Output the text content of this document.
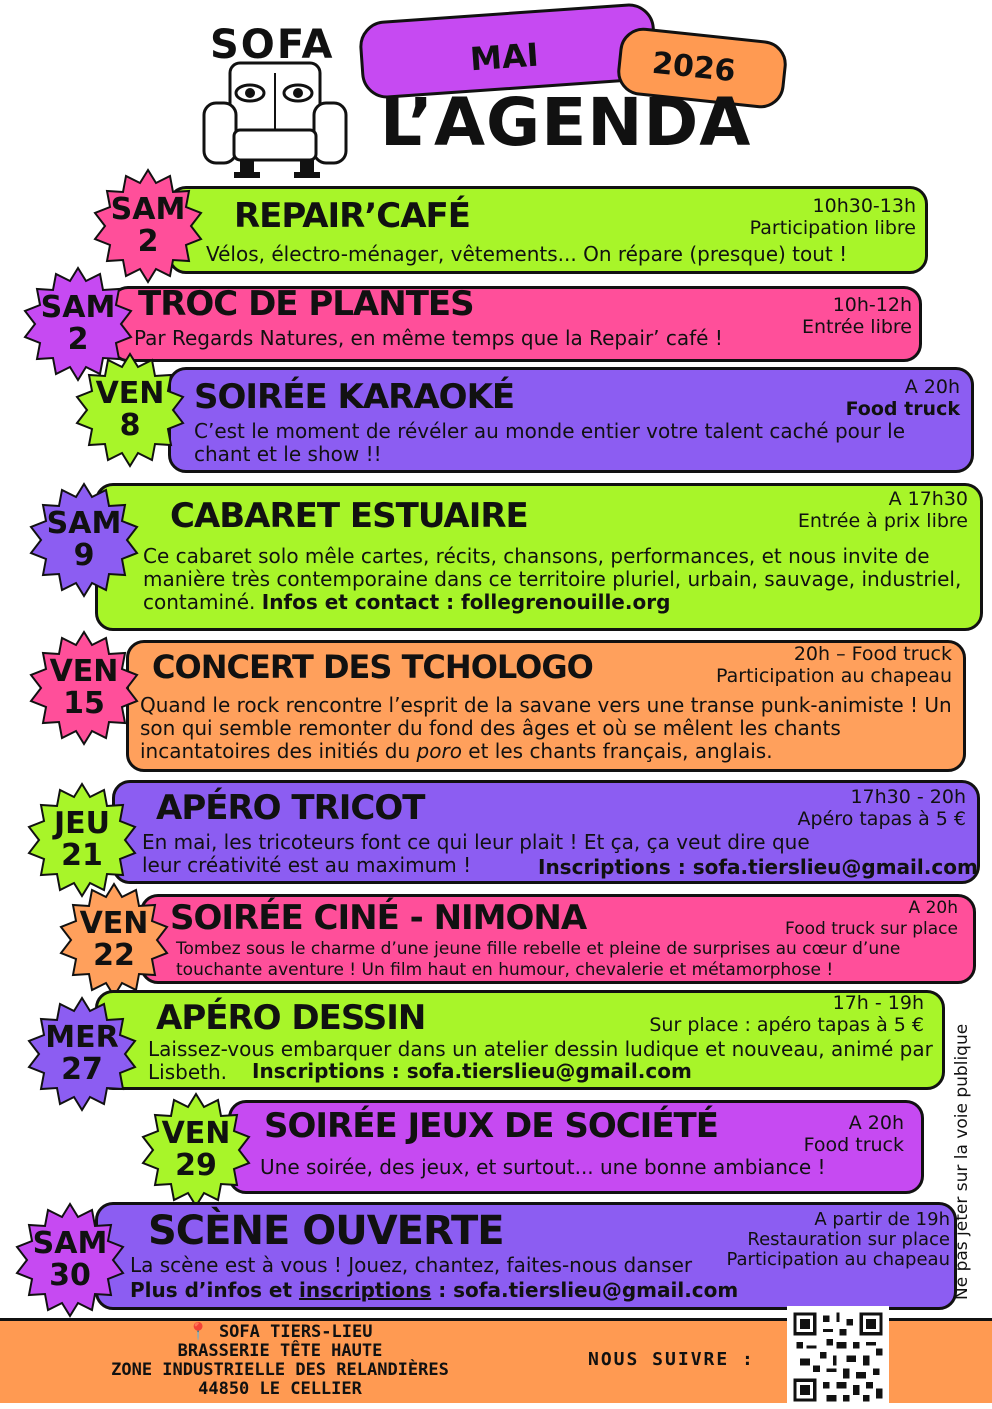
SOFA	MAI	2026
L’AGENDA
REPAIR’CAFÉ	10h30-13h
Participation libre
Vélos, électro-ménager, vêtements... On répare (presque) tout !
SAM
2
TROC DE PLANTES	10h-12h
Entrée libre
Par Regards Natures, en même temps que la Repair’ café !
SAM
2
SOIRÉE KARAOKÉ	A 20h
Food truck
C’est le moment de révéler au monde entier votre talent caché pour le chant et le show !!
VEN
8
CABARET ESTUAIRE	A 17h30
Entrée à prix libre
Ce cabaret solo mêle cartes, récits, chansons, performances, et nous invite de manière très contemporaine dans ce territoire pluriel, urbain, sauvage, industriel, contaminé. Infos et contact : follegrenouille.org
SAM
9
CONCERT DES TCHOLOGO	20h – Food truck
Participation au chapeau
Quand le rock rencontre l’esprit de la savane vers une transe punk-animiste ! Un son qui semble remonter du fond des âges et où se mêlent les chants incantatoires des initiés du poro et les chants français, anglais.
VEN
15
APÉRO TRICOT	17h30 - 20h
Apéro tapas à 5 €
En mai, les tricoteurs font ce qui leur plait ! Et ça, ça veut dire que leur créativité est au maximum !	Inscriptions : sofa.tierslieu@gmail.com
JEU
21
SOIRÉE CINÉ - NIMONA	A 20h
Food truck sur place
Tombez sous le charme d’une jeune fille rebelle et pleine de surprises au cœur d’une touchante aventure ! Un film haut en humour, chevalerie et métamorphose !
VEN
22
APÉRO DESSIN	17h - 19h
Sur place : apéro tapas à 5 €
Laissez-vous embarquer dans un atelier dessin ludique et nouveau, animé par Lisbeth.	Inscriptions : sofa.tierslieu@gmail.com
MER
27
SOIRÉE JEUX DE SOCIÉTÉ	A 20h
Food truck
Une soirée, des jeux, et surtout... une bonne ambiance !
VEN
29
SCÈNE OUVERTE	A partir de 19h
Restauration sur place
Participation au chapeau
La scène est à vous ! Jouez, chantez, faites-nous danser
Plus d’infos et inscriptions : sofa.tierslieu@gmail.com
SAM
30	Ne pas jeter sur la voie publique
📍 SOFA TIERS-LIEU
BRASSERIE TÊTE HAUTE
ZONE INDUSTRIELLE DES RELANDIÈRES
44850 LE CELLIER
NOUS SUIVRE :
